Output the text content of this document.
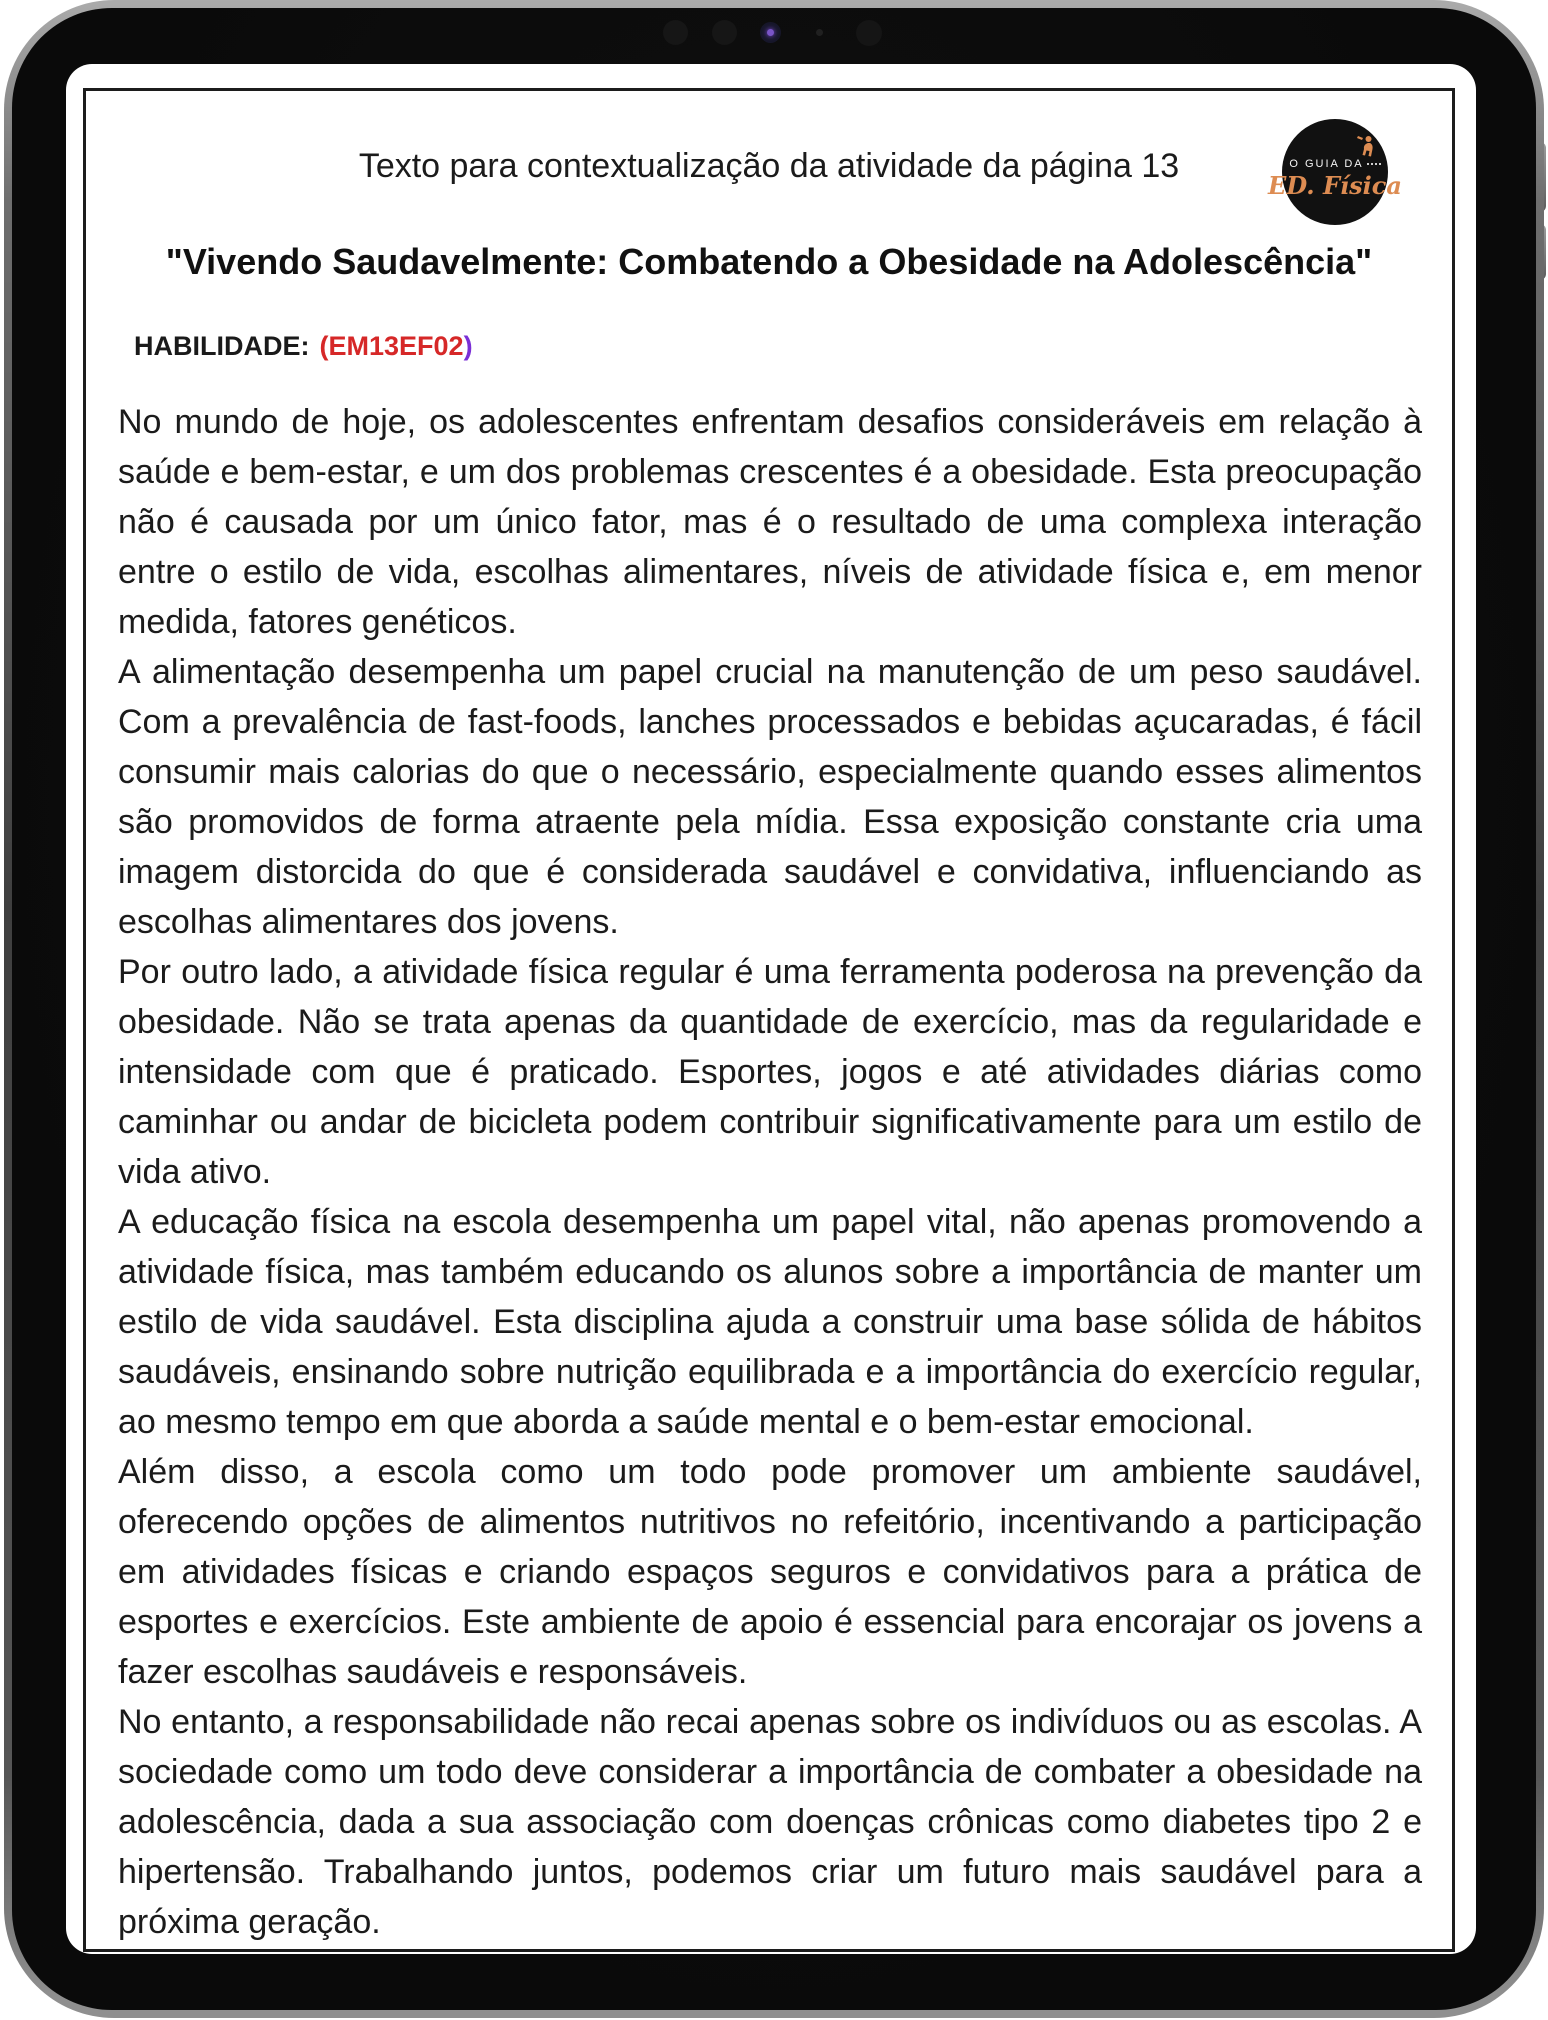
Texto para contextualização da atividade da página 13	O GUIA DA
ED. Física
"Vivendo Saudavelmente: Combatendo a Obesidade na Adolescência"
HABILIDADE: (EM13EF02)

No mundo de hoje, os adolescentes enfrentam desafios consideráveis em relação à saúde e bem-estar, e um dos problemas crescentes é a obesidade. Esta preocupação não é causada por um único fator, mas é o resultado de uma complexa interação entre o estilo de vida, escolhas alimentares, níveis de atividade física e, em menor medida, fatores genéticos.

A alimentação desempenha um papel crucial na manutenção de um peso saudável. Com a prevalência de fast-foods, lanches processados e bebidas açucaradas, é fácil consumir mais calorias do que o necessário, especialmente quando esses alimentos são promovidos de forma atraente pela mídia. Essa exposição constante cria uma imagem distorcida do que é considerada saudável e convidativa, influenciando as escolhas alimentares dos jovens.

Por outro lado, a atividade física regular é uma ferramenta poderosa na prevenção da obesidade. Não se trata apenas da quantidade de exercício, mas da regularidade e intensidade com que é praticado. Esportes, jogos e até atividades diárias como caminhar ou andar de bicicleta podem contribuir significativamente para um estilo de vida ativo.

A educação física na escola desempenha um papel vital, não apenas promovendo a atividade física, mas também educando os alunos sobre a importância de manter um estilo de vida saudável. Esta disciplina ajuda a construir uma base sólida de hábitos saudáveis, ensinando sobre nutrição equilibrada e a importância do exercício regular, ao mesmo tempo em que aborda a saúde mental e o bem-estar emocional.

Além disso, a escola como um todo pode promover um ambiente saudável, oferecendo opções de alimentos nutritivos no refeitório, incentivando a participação em atividades físicas e criando espaços seguros e convidativos para a prática de esportes e exercícios. Este ambiente de apoio é essencial para encorajar os jovens a fazer escolhas saudáveis e responsáveis.

No entanto, a responsabilidade não recai apenas sobre os indivíduos ou as escolas. A sociedade como um todo deve considerar a importância de combater a obesidade na adolescência, dada a sua associação com doenças crônicas como diabetes tipo 2 e hipertensão. Trabalhando juntos, podemos criar um futuro mais saudável para a próxima geração.
